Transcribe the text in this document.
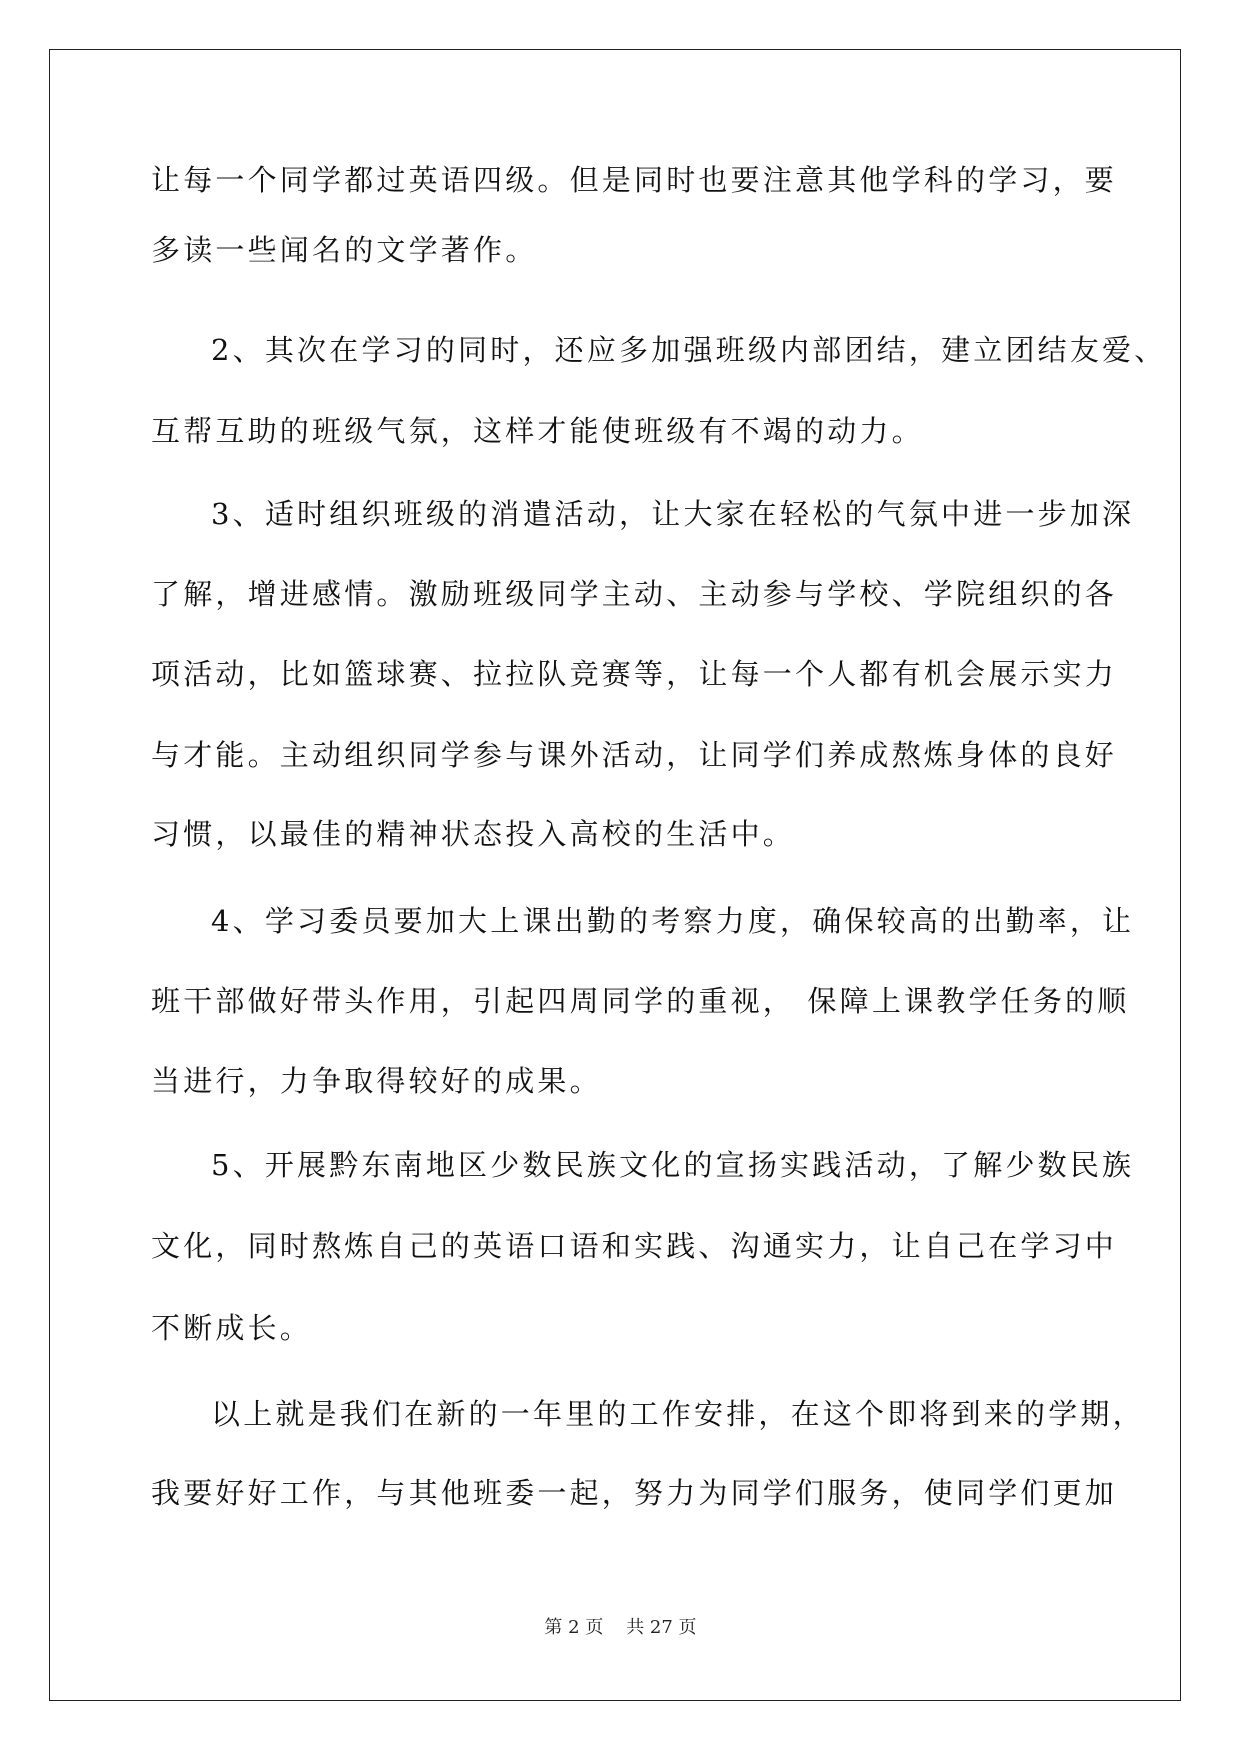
让每一个同学都过英语四级。但是同时也要注意其他学科的学习，要
多读一些闻名的文学著作。
2、其次在学习的同时，还应多加强班级内部团结，建立团结友爱、
互帮互助的班级气氛，这样才能使班级有不竭的动力。
3、适时组织班级的消遣活动，让大家在轻松的气氛中进一步加深
了解，增进感情。激励班级同学主动、主动参与学校、学院组织的各
项活动，比如篮球赛、拉拉队竞赛等，让每一个人都有机会展示实力
与才能。主动组织同学参与课外活动，让同学们养成熬炼身体的良好
习惯，以最佳的精神状态投入高校的生活中。
4、学习委员要加大上课出勤的考察力度，确保较高的出勤率，让
班干部做好带头作用，引起四周同学的重视， 保障上课教学任务的顺
当进行，力争取得较好的成果。
5、开展黔东南地区少数民族文化的宣扬实践活动，了解少数民族
文化，同时熬炼自己的英语口语和实践、沟通实力，让自己在学习中
不断成长。
以上就是我们在新的一年里的工作安排，在这个即将到来的学期，
我要好好工作，与其他班委一起，努力为同学们服务，使同学们更加
第 2 页    共 27 页
